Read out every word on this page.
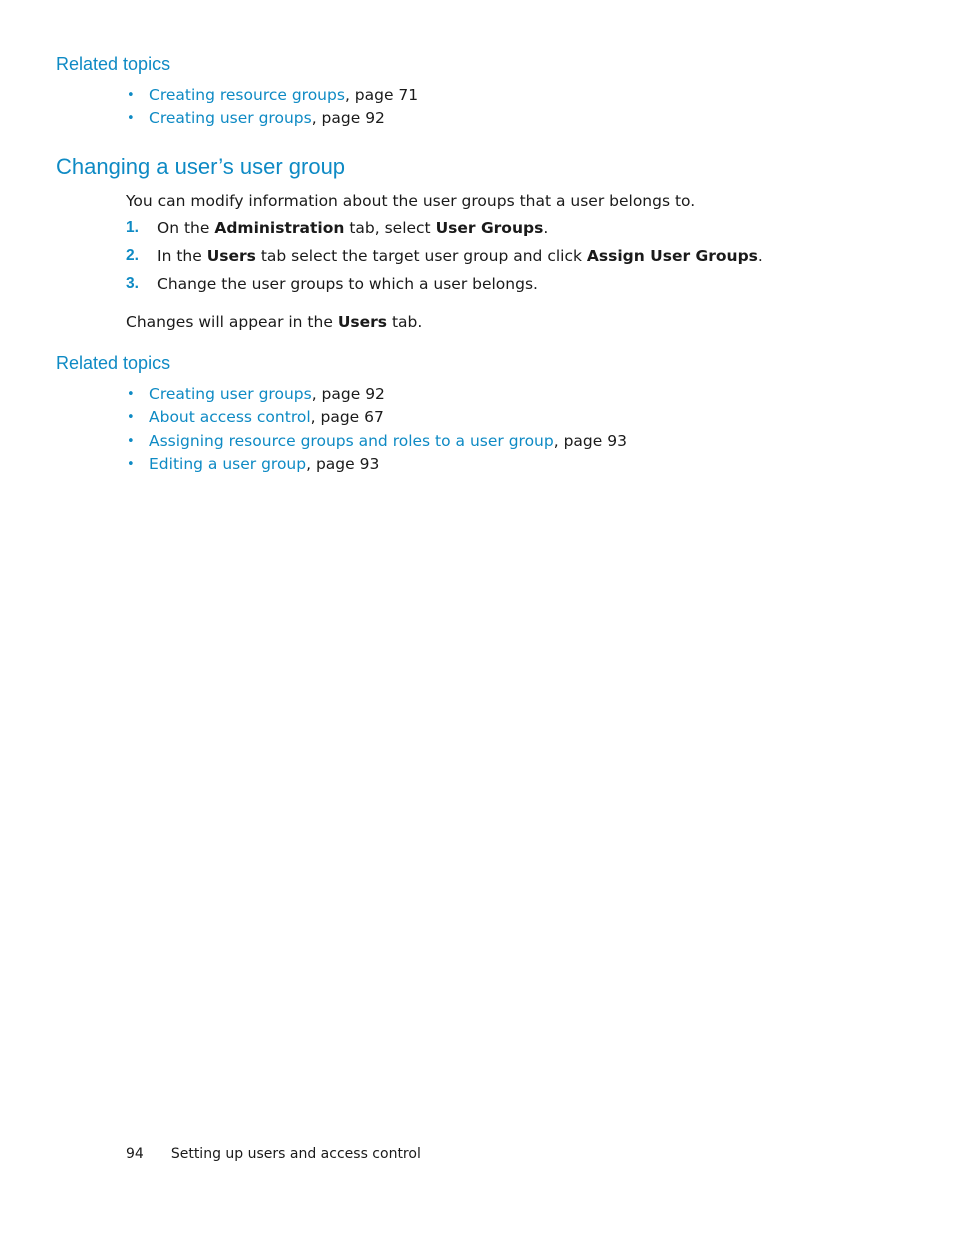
Related topics
• Creating resource groups, page 71
• Creating user groups, page 92
Changing a user’s user group

You can modify information about the user groups that a user belongs to.

1. On the Administration tab, select User Groups.
2. In the Users tab select the target user group and click Assign User Groups.
3. Change the user groups to which a user belongs.

Changes will appear in the Users tab.

Related topics
• Creating user groups, page 92
• About access control, page 67
• Assigning resource groups and roles to a user group, page 93
• Editing a user group, page 93
94 Setting up users and access control
